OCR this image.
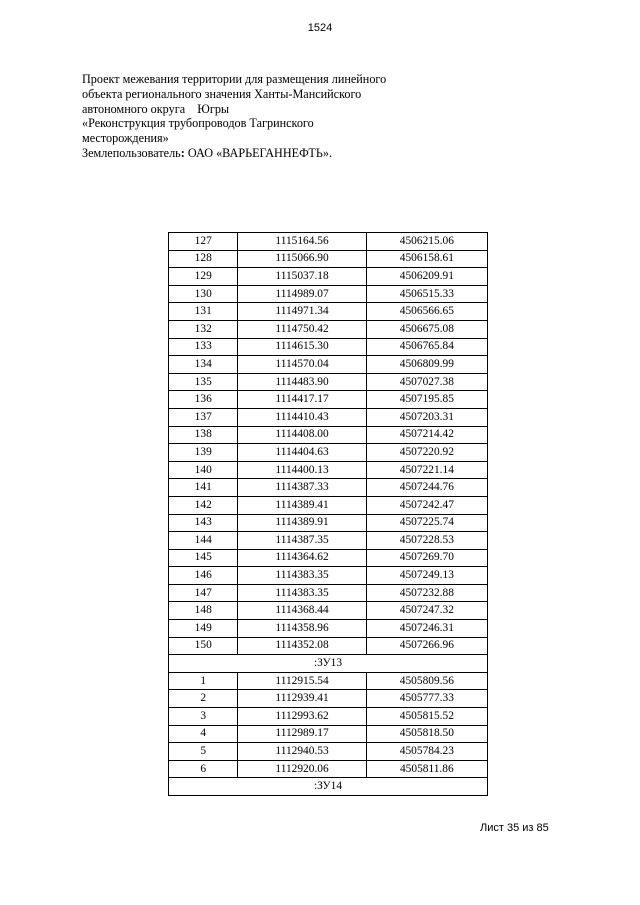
1524
Проект межевания территории для размещения линейного
объекта регионального значения Ханты-Мансийского
автономного округа    Югры
«Реконструкция трубопроводов Тагринского
месторождения»
Землепользователь: ОАО «ВАРЬЕГАННЕФТЬ».
127	1115164.56	4506215.06
128	1115066.90	4506158.61
129	1115037.18	4506209.91
130	1114989.07	4506515.33
131	1114971.34	4506566.65
132	1114750.42	4506675.08
133	1114615.30	4506765.84
134	1114570.04	4506809.99
135	1114483.90	4507027.38
136	1114417.17	4507195.85
137	1114410.43	4507203.31
138	1114408.00	4507214.42
139	1114404.63	4507220.92
140	1114400.13	4507221.14
141	1114387.33	4507244.76
142	1114389.41	4507242.47
143	1114389.91	4507225.74
144	1114387.35	4507228.53
145	1114364.62	4507269.70
146	1114383.35	4507249.13
147	1114383.35	4507232.88
148	1114368.44	4507247.32
149	1114358.96	4507246.31
150	1114352.08	4507266.96
:ЗУ13		
1	1112915.54	4505809.56
2	1112939.41	4505777.33
3	1112993.62	4505815.52
4	1112989.17	4505818.50
5	1112940.53	4505784.23
6	1112920.06	4505811.86
:ЗУ14		
Лист 35 из 85
